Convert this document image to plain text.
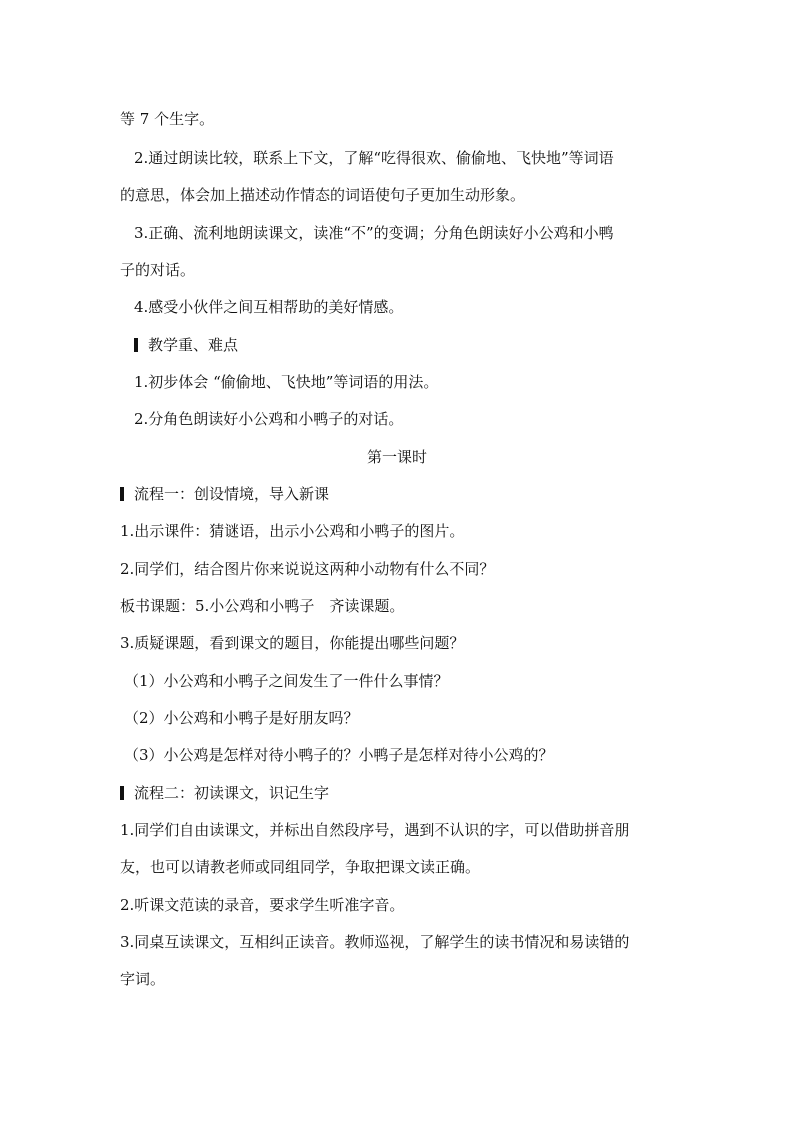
等 7 个生字。
2.通过朗读比较，联系上下文，了解“吃得很欢、偷偷地、飞快地”等词语
的意思，体会加上描述动作情态的词语使句子更加生动形象。
3.正确、流利地朗读课文，读准“不”的变调；分角色朗读好小公鸡和小鸭
子的对话。
4.感受小伙伴之间互相帮助的美好情感。
教学重、难点
1.初步体会 “偷偷地、飞快地”等词语的用法。
2.分角色朗读好小公鸡和小鸭子的对话。
第一课时
流程一：创设情境，导入新课
1.出示课件：猜谜语，出示小公鸡和小鸭子的图片。
2.同学们，结合图片你来说说这两种小动物有什么不同？
板书课题：5.小公鸡和小鸭子　齐读课题。
3.质疑课题，看到课文的题目，你能提出哪些问题？
（1）小公鸡和小鸭子之间发生了一件什么事情？
（2）小公鸡和小鸭子是好朋友吗？
（3）小公鸡是怎样对待小鸭子的？小鸭子是怎样对待小公鸡的？
流程二：初读课文，识记生字
1.同学们自由读课文，并标出自然段序号，遇到不认识的字，可以借助拼音朋
友，也可以请教老师或同组同学，争取把课文读正确。
2.听课文范读的录音，要求学生听准字音。
3.同桌互读课文，互相纠正读音。教师巡视，了解学生的读书情况和易读错的
字词。
